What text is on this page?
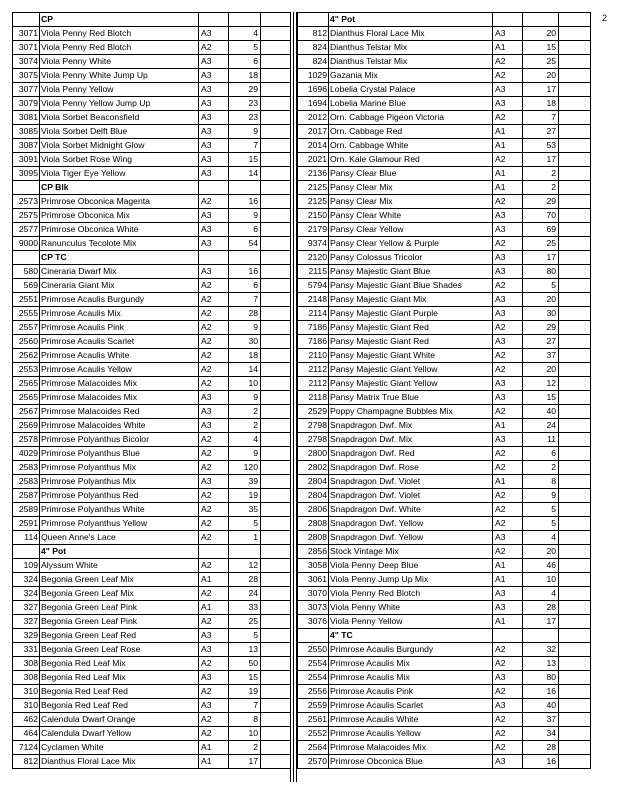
2
	CP			
3071	Viola Penny Red Blotch	A3	4	
3071	Viola Penny Red Blotch	A2	5	
3074	Viola Penny White	A3	6	
3075	Viola Penny White Jump Up	A3	18	
3077	Viola Penny Yellow	A3	29	
3079	Viola Penny Yellow Jump Up	A3	23	
3081	Viola Sorbet Beaconsfield	A3	23	
3085	Viola Sorbet Delft Blue	A3	9	
3087	Viola Sorbet Midnight Glow	A3	7	
3091	Viola Sorbet Rose Wing	A3	15	
3095	Viola Tiger Eye Yellow	A3	14	
	CP Blk			
2573	Primrose Obconica Magenta	A2	16	
2575	Primrose Obconica Mix	A3	9	
2577	Primrose Obconica White	A3	6	
9000	Ranunculus Tecolote Mix	A3	54	
	CP TC			
580	Cineraria Dwarf Mix	A3	16	
569	Cineraria Giant Mix	A2	6	
2551	Primrose Acaulis Burgundy	A2	7	
2555	Primrose Acaulis Mix	A2	28	
2557	Primrose Acaulis Pink	A2	9	
2560	Primrose Acaulis Scarlet	A2	30	
2562	Primrose Acaulis White	A2	18	
2553	Primrose Acaulis Yellow	A2	14	
2565	Primrose Malacoides Mix	A2	10	
2565	Primrose Malacoides Mix	A3	9	
2567	Primrose Malacoides Red	A3	2	
2569	Primrose Malacoides White	A3	2	
2578	Primrose Polyanthus Bicolor	A2	4	
4029	Primrose Polyanthus Blue	A2	9	
2583	Primrose Polyanthus Mix	A2	120	
2583	Primrose Polyanthus Mix	A3	39	
2587	Primrose Polyanthus Red	A2	19	
2589	Primrose Polyanthus White	A2	35	
2591	Primrose Polyanthus Yellow	A2	5	
114	Queen Anne's Lace	A2	1	
	4" Pot			
109	Alyssum White	A2	12	
324	Begonia Green Leaf Mix	A1	28	
324	Begonia Green Leaf Mix	A2	24	
327	Begonia Green Leaf Pink	A1	33	
327	Begonia Green Leaf Pink	A2	25	
329	Begonia Green Leaf Red	A3	5	
331	Begonia Green Leaf Rose	A3	13	
308	Begonia Red Leaf Mix	A2	50	
308	Begonia Red Leaf Mix	A3	15	
310	Begonia Red Leaf Red	A2	19	
310	Begonia Red Leaf Red	A3	7	
462	Calendula Dwarf Orange	A2	8	
464	Calendula Dwarf Yellow	A2	10	
7124	Cyclamen White	A1	2	
812	Dianthus Floral Lace Mix	A1	17	
	4" Pot			
812	Dianthus Floral Lace Mix	A3	20	
824	Dianthus Telstar Mix	A1	15	
824	Dianthus Telstar Mix	A2	25	
1029	Gazania Mix	A2	20	
1696	Lobelia Crystal Palace	A3	17	
1694	Lobelia Marine Blue	A3	18	
2012	Orn. Cabbage Pigeon Victoria	A2	7	
2017	Orn. Cabbage Red	A1	27	
2014	Orn. Cabbage White	A1	53	
2021	Orn. Kale Glamour Red	A2	17	
2136	Pansy Clear Blue	A1	2	
2125	Pansy Clear Mix	A1	2	
2125	Pansy Clear Mix	A2	29	
2150	Pansy Clear White	A3	70	
2179	Pansy Clear Yellow	A3	69	
9374	Pansy Clear Yellow & Purple	A2	25	
2120	Pansy Colossus Tricolor	A3	17	
2115	Pansy Majestic Giant Blue	A3	80	
5794	Pansy Majestic Giant Blue Shades	A2	5	
2148	Pansy Majestic Giant Mix	A3	20	
2114	Pansy Majestic Giant Purple	A3	30	
7186	Pansy Majestic Giant Red	A2	29	
7186	Pansy Majestic Giant Red	A3	27	
2110	Pansy Majestic Giant White	A2	37	
2112	Pansy Majestic Giant Yellow	A2	20	
2112	Pansy Majestic Giant Yellow	A3	12	
2118	Pansy Matrix True Blue	A3	15	
2529	Poppy Champagne Bubbles Mix	A2	40	
2798	Snapdragon Dwf. Mix	A1	24	
2798	Snapdragon Dwf. Mix	A3	11	
2800	Snapdragon Dwf. Red	A2	6	
2802	Snapdragon Dwf. Rose	A2	2	
2804	Snapdragon Dwf. Violet	A1	8	
2804	Snapdragon Dwf. Violet	A2	9	
2806	Snapdragon Dwf. White	A2	5	
2808	Snapdragon Dwf. Yellow	A2	5	
2808	Snapdragon Dwf. Yellow	A3	4	
2856	Stock Vintage Mix	A2	20	
3058	Viola Penny Deep Blue	A1	46	
3061	Viola Penny Jump Up Mix	A1	10	
3070	Viola Penny Red Blotch	A3	4	
3073	Viola Penny White	A3	28	
3076	Viola Penny Yellow	A1	17	
	4" TC			
2550	Primrose Acaulis Burgundy	A2	32	
2554	Primrose Acaulis Mix	A2	13	
2554	Primrose Acaulis Mix	A3	80	
2556	Primrose Acaulis Pink	A2	16	
2559	Primrose Acaulis Scarlet	A3	40	
2561	Primrose Acaulis White	A2	37	
2552	Primrose Acaulis Yellow	A2	34	
2564	Primrose Malacoides Mix	A2	28	
2570	Primrose Obconica Blue	A3	16	
